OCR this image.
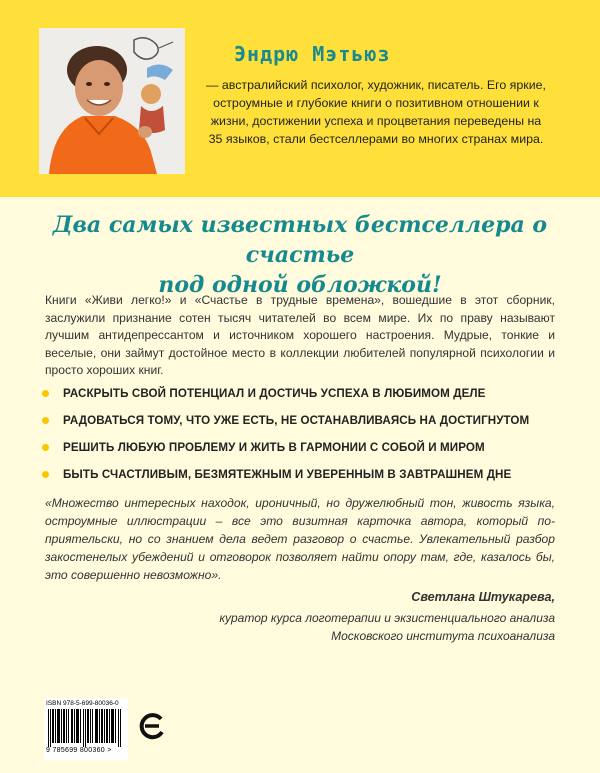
Эндрю Мэтьюз

— австралийский психолог, художник, писатель. Его яркие, остроумные и глубокие книги о позитивном отношении к жизни, достижении успеха и процветания переведены на 35 языков, стали бестселлерами во многих странах мира.

Два самых известных бестселлера о счастье
под одной обложкой!

Книги «Живи легко!» и «Счастье в трудные времена», вошедшие в этот сборник, заслужили признание сотен тысяч читателей во всем мире. Их по праву называют лучшим антидепрессантом и источником хорошего настроения. Мудрые, тонкие и веселые, они займут достойное место в коллекции любителей популярной психологии и просто хороших книг.

РАСКРЫТЬ СВОЙ ПОТЕНЦИАЛ И ДОСТИЧЬ УСПЕХА В ЛЮБИМОМ ДЕЛЕ
РАДОВАТЬСЯ ТОМУ, ЧТО УЖЕ ЕСТЬ, НЕ ОСТАНАВЛИВАЯСЬ НА ДОСТИГНУТОМ
РЕШИТЬ ЛЮБУЮ ПРОБЛЕМУ И ЖИТЬ В ГАРМОНИИ С СОБОЙ И МИРОМ
БЫТЬ СЧАСТЛИВЫМ, БЕЗМЯТЕЖНЫМ И УВЕРЕННЫМ В ЗАВТРАШНЕМ ДНЕ

«Множество интересных находок, ироничный, но дружелюбный тон, живость языка, остроумные иллюстрации – все это визитная карточка автора, который по-приятельски, но со знанием дела ведет разговор о счастье. Увлекательный разбор закостенелых убеждений и отговорок позволяет найти опору там, где, казалось бы, это совершенно невозможно».

Светлана Штукарева,

куратор курса логотерапии и экзистенциального анализа
Московского института психоанализа

ISBN 978-5-699-80036-0
9 785699 800360 >
